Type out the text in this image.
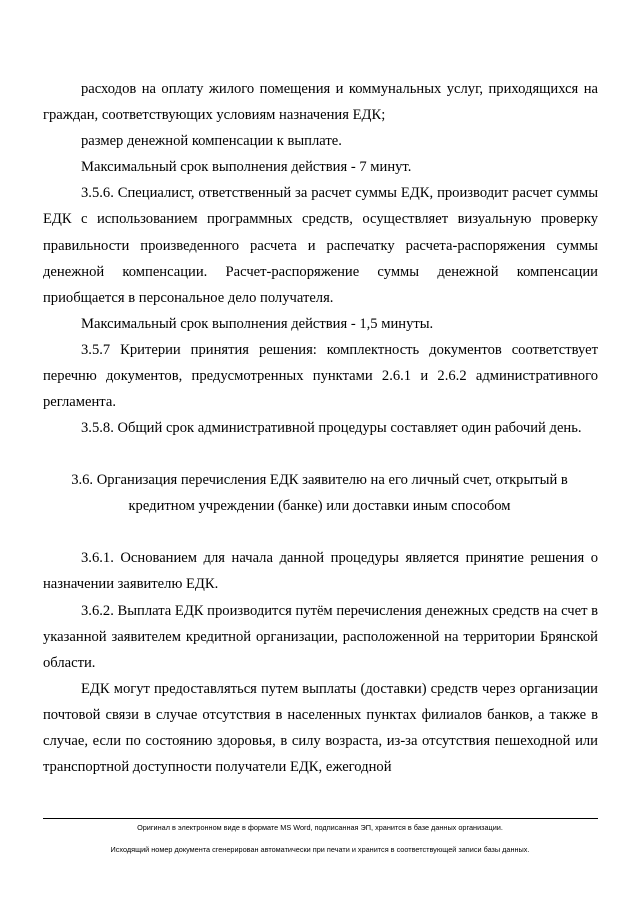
расходов на оплату жилого помещения и коммунальных услуг, приходящихся на граждан, соответствующих условиям назначения ЕДК;

размер денежной компенсации к выплате.

Максимальный срок выполнения действия - 7 минут.

3.5.6. Специалист, ответственный за расчет суммы ЕДК, производит расчет суммы ЕДК с использованием программных средств, осуществляет визуальную проверку правильности произведенного расчета и распечатку расчета-распоряжения суммы денежной компенсации. Расчет-распоряжение суммы денежной компенсации приобщается в персональное дело получателя.

Максимальный срок выполнения действия - 1,5 минуты.

3.5.7 Критерии принятия решения: комплектность документов соответствует перечню документов, предусмотренных пунктами 2.6.1 и 2.6.2 административного регламента.

3.5.8. Общий срок административной процедуры составляет один рабочий день.

3.6. Организация перечисления ЕДК заявителю на его личный счет, открытый в кредитном учреждении (банке) или доставки иным способом

3.6.1. Основанием для начала данной процедуры является принятие решения о назначении заявителю ЕДК.

3.6.2. Выплата ЕДК производится путём перечисления денежных средств на счет в указанной заявителем кредитной организации, расположенной на территории Брянской области.

ЕДК могут предоставляться путем выплаты (доставки) средств через организации почтовой связи в случае отсутствия в населенных пунктах филиалов банков, а также в случае, если по состоянию здоровья, в силу возраста, из-за отсутствия пешеходной или транспортной доступности получатели ЕДК, ежегодной

Оригинал в электронном виде в формате MS Word, подписанная ЭП, хранится в базе данных организации.
Исходящий номер документа сгенерирован автоматически при печати и хранится в соответствующей записи базы данных.
